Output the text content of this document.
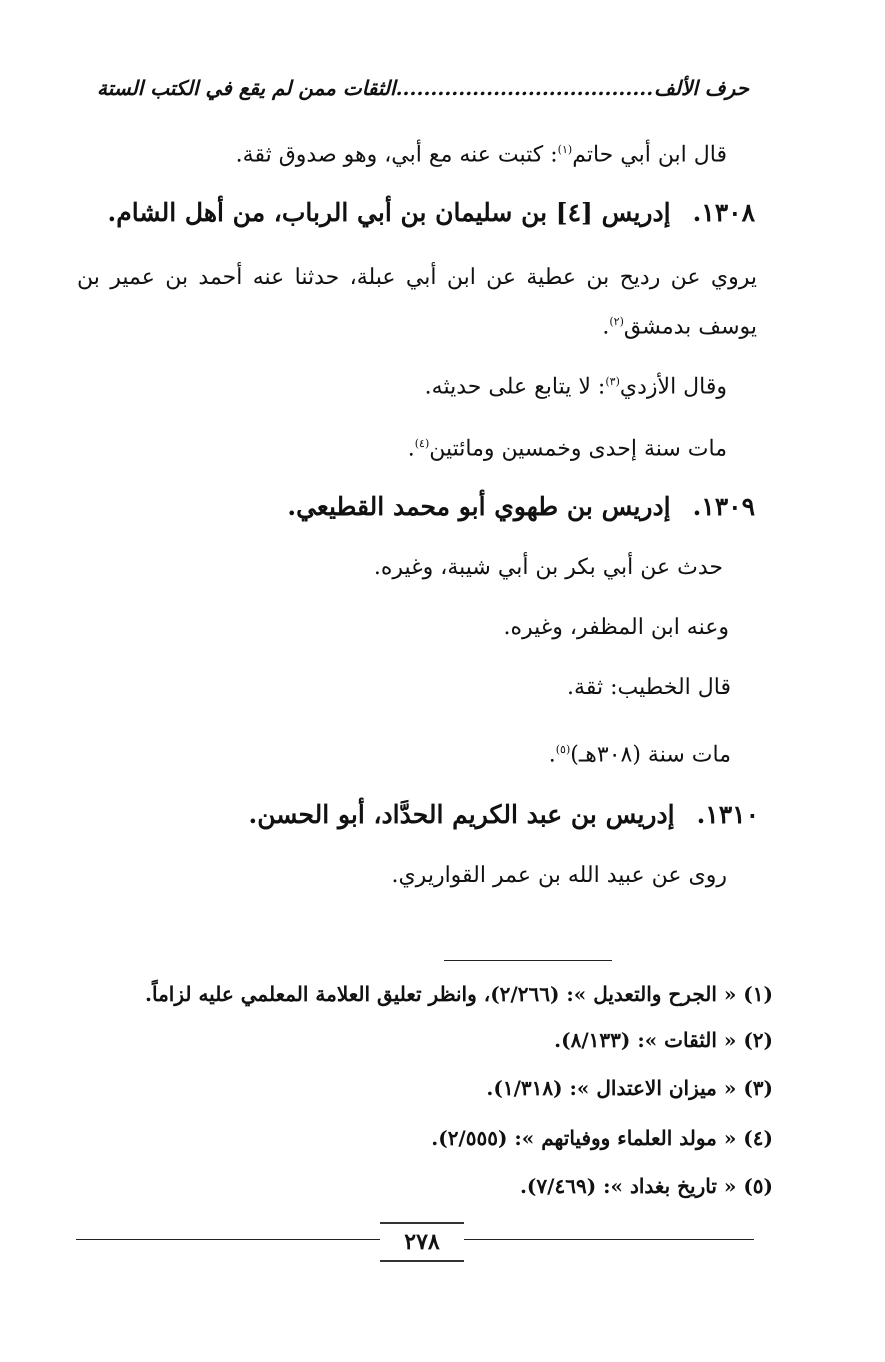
حرف الألف
.....................................الثقات ممن لم يقع في الكتب الستة
قال ابن أبي حاتم$^{(١)}$: كتبت عنه مع أبي، وهو صدوق ثقة.
١٣٠٨.إدريس [٤] بن سليمان بن أبي الرباب، من أهل الشام.
يروي عن رديح بن عطية عن ابن أبي عبلة، حدثنا عنه أحمد بن عمير بن يوسف بدمشق$^{(٢)}$.
وقال الأزدي$^{(٣)}$: لا يتابع على حديثه.
مات سنة إحدى وخمسين ومائتين$^{(٤)}$.
١٣٠٩.إدريس بن طهوي أبو محمد القطيعي.
حدث عن أبي بكر بن أبي شيبة، وغيره.
وعنه ابن المظفر، وغيره.
قال الخطيب: ثقة.
مات سنة (٣٠٨هـ)$^{(٥)}$.
١٣١٠.إدريس بن عبد الكريم الحدَّاد، أبو الحسن.
روى عن عبيد الله بن عمر القواريري.
(١) « الجرح والتعديل »: (٢/٢٦٦)، وانظر تعليق العلامة المعلمي عليه لزاماً.
(٢) « الثقات »: (٨/١٣٣).
(٣) « ميزان الاعتدال »: (١/٣١٨).
(٤) « مولد العلماء ووفياتهم »: (٢/٥٥٥).
(٥) « تاريخ بغداد »: (٧/٤٦٩).
٢٧٨
